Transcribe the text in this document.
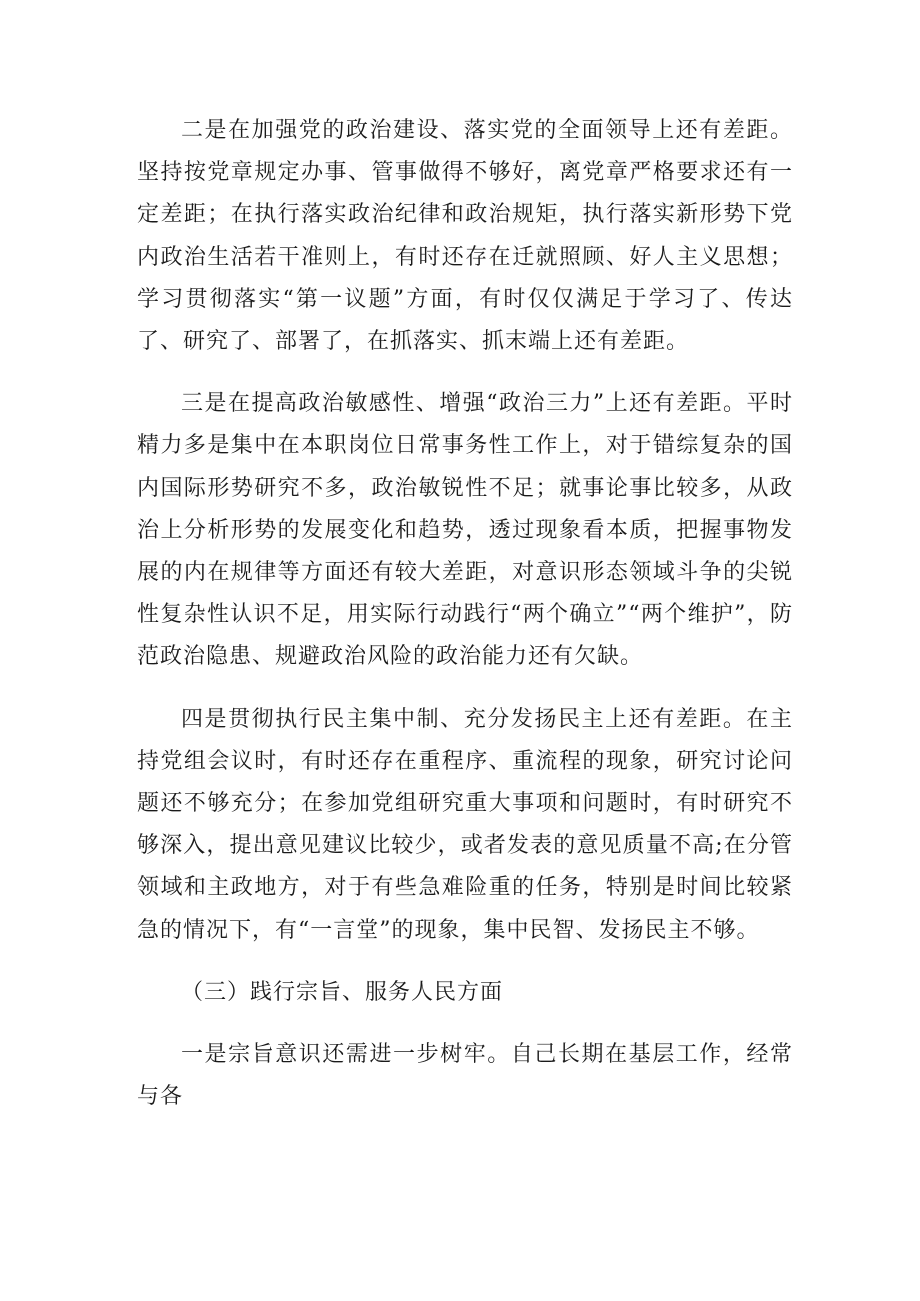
二是在加强党的政治建设、落实党的全面领导上还有差距。坚持按党章规定办事、管事做得不够好，离党章严格要求还有一定差距；在执行落实政治纪律和政治规矩，执行落实新形势下党内政治生活若干准则上，有时还存在迁就照顾、好人主义思想；学习贯彻落实“第一议题”方面，有时仅仅满足于学习了、传达了、研究了、部署了，在抓落实、抓末端上还有差距。

三是在提高政治敏感性、增强“政治三力”上还有差距。平时精力多是集中在本职岗位日常事务性工作上，对于错综复杂的国内国际形势研究不多，政治敏锐性不足；就事论事比较多，从政治上分析形势的发展变化和趋势，透过现象看本质，把握事物发展的内在规律等方面还有较大差距，对意识形态领域斗争的尖锐性复杂性认识不足，用实际行动践行“两个确立”“两个维护”，防范政治隐患、规避政治风险的政治能力还有欠缺。

四是贯彻执行民主集中制、充分发扬民主上还有差距。在主持党组会议时，有时还存在重程序、重流程的现象，研究讨论问题还不够充分；在参加党组研究重大事项和问题时，有时研究不够深入，提出意见建议比较少，或者发表的意见质量不高;在分管领域和主政地方，对于有些急难险重的任务，特别是时间比较紧急的情况下，有“一言堂”的现象，集中民智、发扬民主不够。

（三）践行宗旨、服务人民方面

一是宗旨意识还需进一步树牢。自己长期在基层工作，经常与各
